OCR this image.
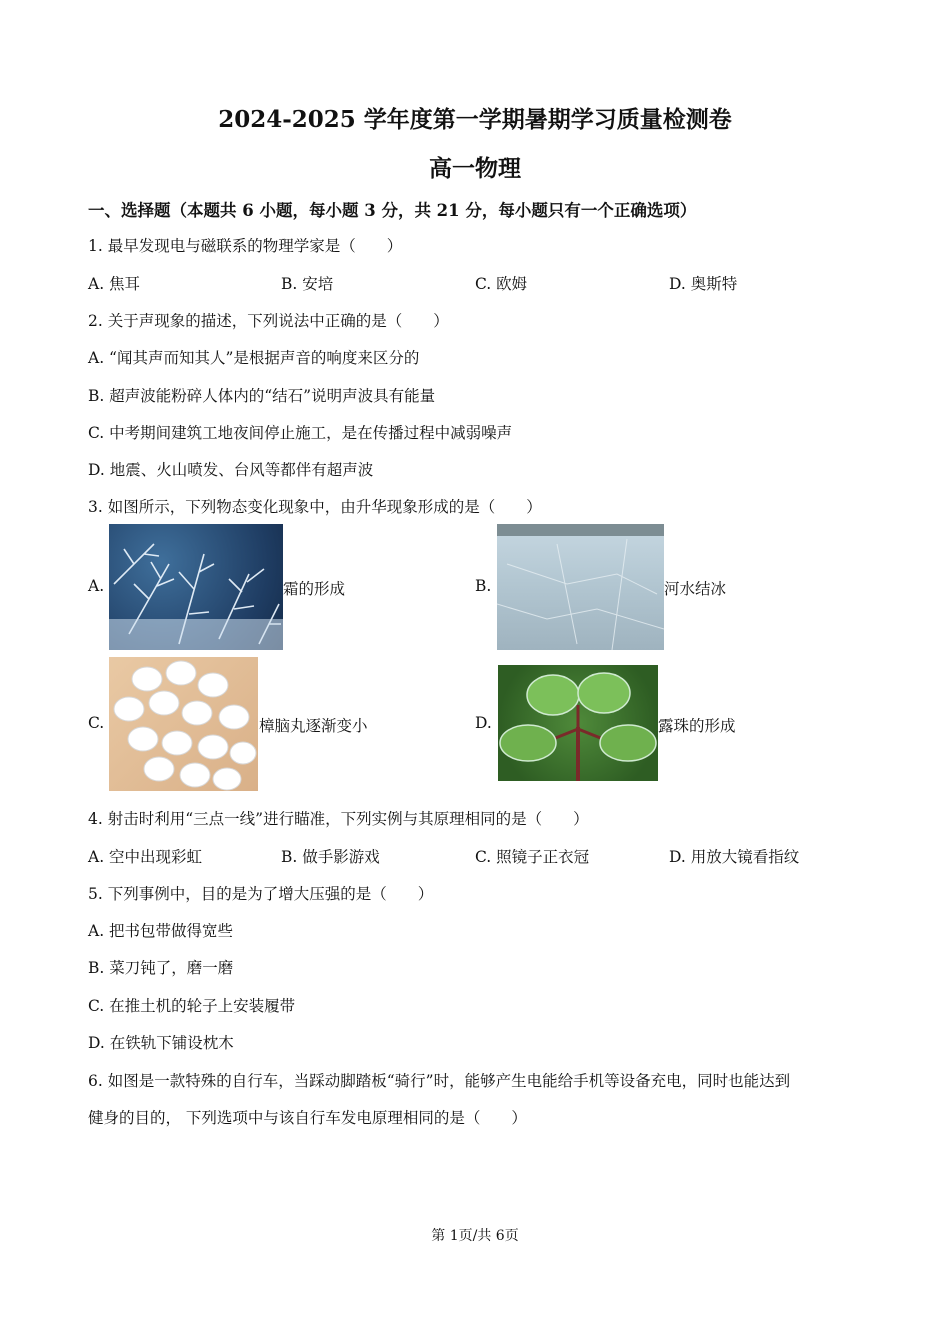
2024-2025 学年度第一学期暑期学习质量检测卷
高一物理
一、选择题（本题共 6 小题，每小题 3 分，共 21 分，每小题只有一个正确选项）
1. 最早发现电与磁联系的物理学家是（　　）
A. 焦耳	B. 安培	C. 欧姆	D. 奥斯特
2. 关于声现象的描述，下列说法中正确的是（　　）
A. “闻其声而知其人”是根据声音的响度来区分的
B. 超声波能粉碎人体内的“结石”说明声波具有能量
C. 中考期间建筑工地夜间停止施工，是在传播过程中减弱噪声
D. 地震、火山喷发、台风等都伴有超声波
3. 如图所示，下列物态变化现象中，由升华现象形成的是（　　）
A.	霜的形成	B.	河水结冰
C.	樟脑丸逐渐变小	D.	露珠的形成
4. 射击时利用“三点一线”进行瞄准，下列实例与其原理相同的是（　　）
A. 空中出现彩虹	B. 做手影游戏	C. 照镜子正衣冠	D. 用放大镜看指纹
5. 下列事例中，目的是为了增大压强的是（　　）
A. 把书包带做得宽些
B. 菜刀钝了，磨一磨
C. 在推土机的轮子上安装履带
D. 在铁轨下铺设枕木
6. 如图是一款特殊的自行车，当踩动脚踏板“骑行”时，能够产生电能给手机等设备充电，同时也能达到
健身的目的， 下列选项中与该自行车发电原理相同的是（　　）
第 1页/共 6页
